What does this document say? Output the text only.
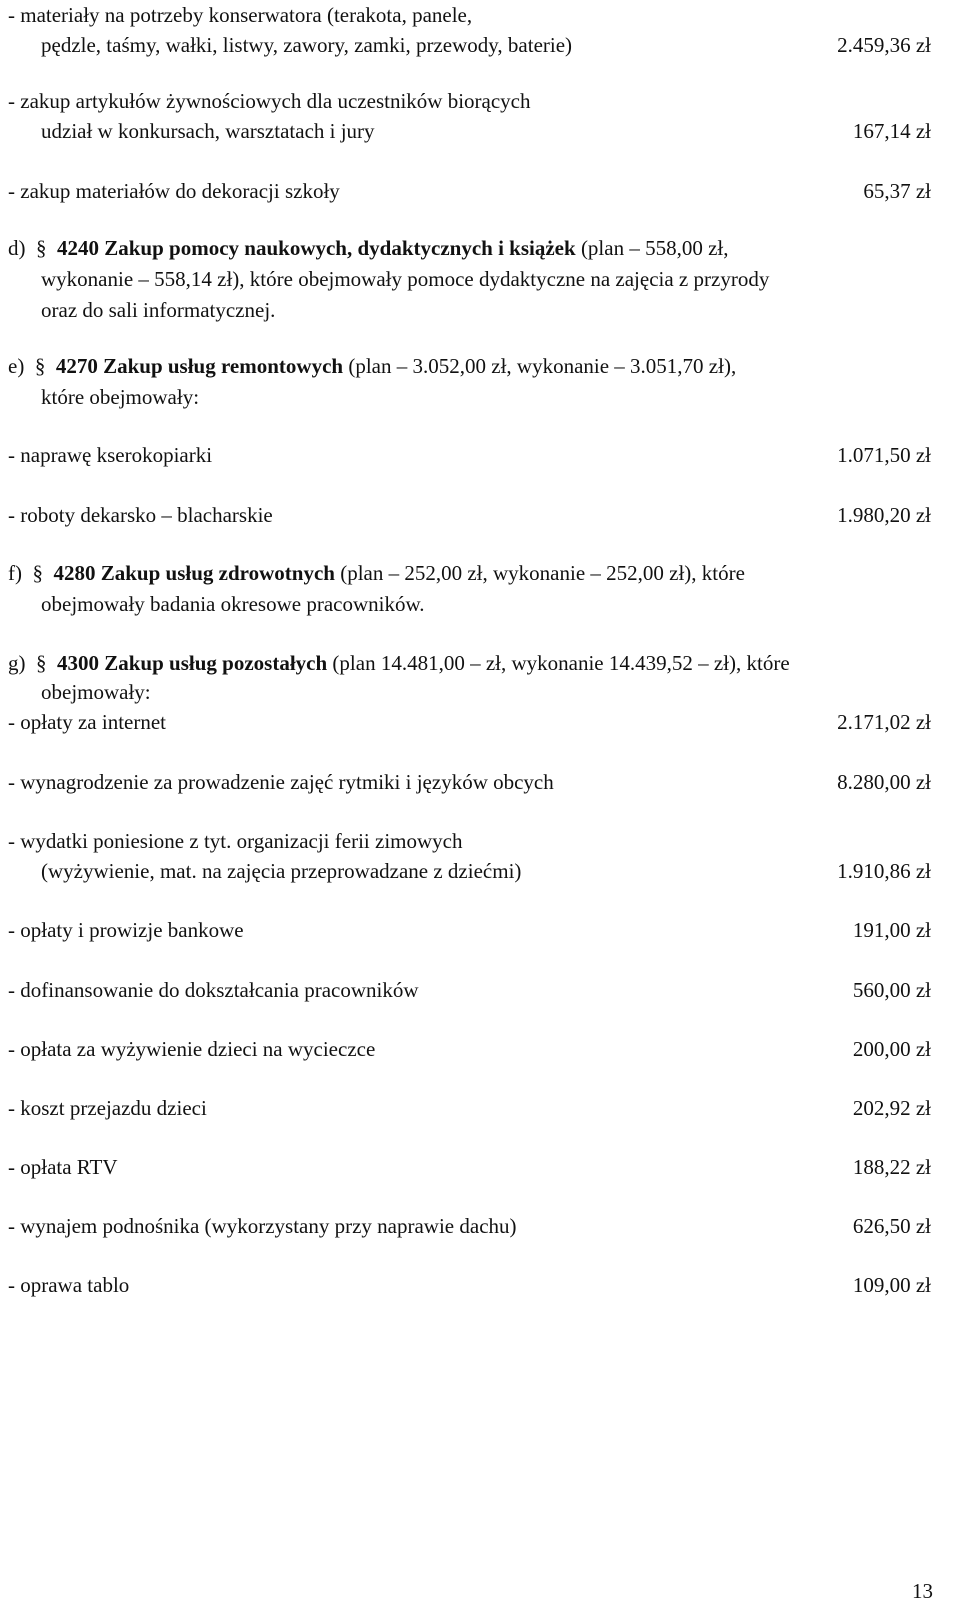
- materiały na potrzeby konserwatora (terakota, panele,
pędzle, taśmy, wałki, listwy, zawory, zamki, przewody, baterie)	2.459,36 zł
- zakup artykułów żywnościowych dla uczestników biorących
udział w konkursach, warsztatach i jury	167,14 zł
- zakup materiałów do dekoracji szkoły	65,37 zł
d) § 4240 Zakup pomocy naukowych, dydaktycznych i książek (plan – 558,00 zł,
wykonanie – 558,14 zł), które obejmowały pomoce dydaktyczne na zajęcia z przyrody
oraz do sali informatycznej.
e) § 4270 Zakup usług remontowych (plan – 3.052,00 zł, wykonanie – 3.051,70 zł),
które obejmowały:
- naprawę kserokopiarki	1.071,50 zł
- roboty dekarsko – blacharskie	1.980,20 zł
f) § 4280 Zakup usług zdrowotnych (plan – 252,00 zł, wykonanie – 252,00 zł), które
obejmowały badania okresowe pracowników.
g) § 4300 Zakup usług pozostałych (plan 14.481,00 – zł, wykonanie 14.439,52 – zł), które
obejmowały:
- opłaty za internet	2.171,02 zł
- wynagrodzenie za prowadzenie zajęć rytmiki i języków obcych	8.280,00 zł
- wydatki poniesione z tyt. organizacji ferii zimowych
(wyżywienie, mat. na zajęcia przeprowadzane z dziećmi)	1.910,86 zł
- opłaty i prowizje bankowe	191,00 zł
- dofinansowanie do dokształcania pracowników	560,00 zł
- opłata za wyżywienie dzieci na wycieczce	200,00 zł
- koszt przejazdu dzieci	202,92 zł
- opłata RTV	188,22 zł
- wynajem podnośnika (wykorzystany przy naprawie dachu)	626,50 zł
- oprawa tablo	109,00 zł
13
